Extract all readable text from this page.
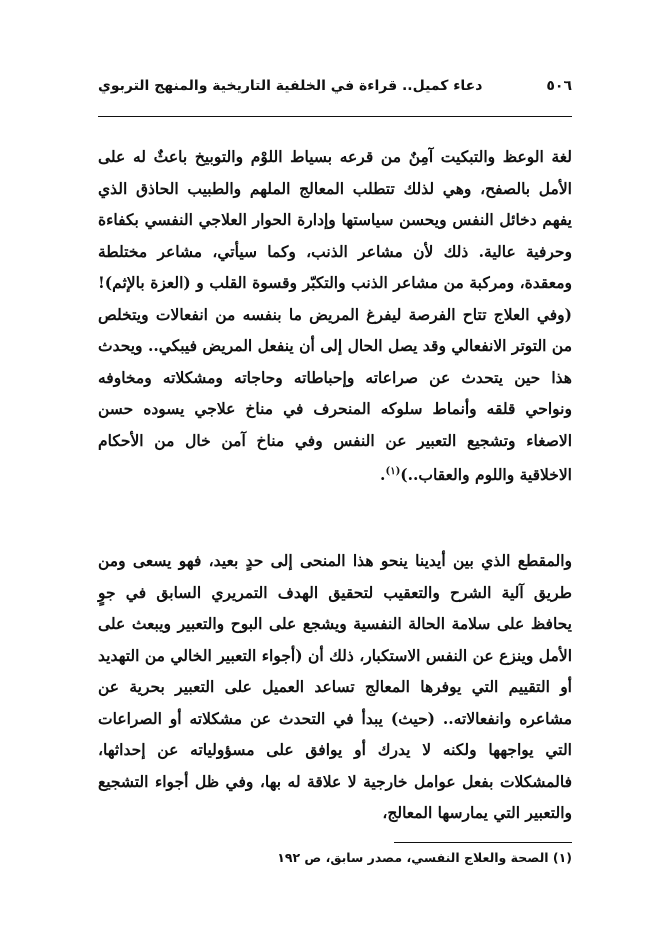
٥٠٦
دعاء كميل.. قراءة في الخلفية التاريخية والمنهج التربوي

لغة الوعظ والتبكيت آمِنٌ من قرعه بسياط اللوْم والتوبيخ باعثٌ له على الأمل بالصفح، وهي لذلك تتطلب المعالج الملهم والطبيب الحاذق الذي يفهم دخائل النفس ويحسن سياستها وإدارة الحوار العلاجي النفسي بكفاءة وحرفية عالية. ذلك لأن مشاعر الذنب، وكما سيأتي، مشاعر مختلطة ومعقدة، ومركبة من مشاعر الذنب والتكبّر وقسوة القلب و (العزة بالإثم)! (وفي العلاج تتاح الفرصة ليفرغ المريض ما بنفسه من انفعالات ويتخلص من التوتر الانفعالي وقد يصل الحال إلى أن ينفعل المريض فيبكي.. ويحدث هذا حين يتحدث عن صراعاته وإحباطاته وحاجاته ومشكلاته ومخاوفه ونواحي قلقه وأنماط سلوكه المنحرف في مناخ علاجي يسوده حسن الاصغاء وتشجيع التعبير عن النفس وفي مناخ آمن خال من الأحكام الاخلاقية واللوم والعقاب..)$^{(١)}$.

والمقطع الذي بين أيدينا ينحو هذا المنحى إلى حدٍ بعيد، فهو يسعى ومن طريق آلية الشرح والتعقيب لتحقيق الهدف التمريري السابق في جوٍ يحافظ على سلامة الحالة النفسية ويشجع على البوح والتعبير ويبعث على الأمل وينزع عن النفس الاستكبار، ذلك أن (أجواء التعبير الخالي من التهديد أو التقييم التي يوفرها المعالج تساعد العميل على التعبير بحرية عن مشاعره وانفعالاته.. (حيث) يبدأ في التحدث عن مشكلاته أو الصراعات التي يواجهها ولكنه لا يدرك أو يوافق على مسؤولياته عن إحداثها، فالمشكلات بفعل عوامل خارجية لا علاقة له بها، وفي ظل أجواء التشجيع والتعبير التي يمارسها المعالج،

(١) الصحة والعلاج النفسي، مصدر سابق، ص ١٩٢
